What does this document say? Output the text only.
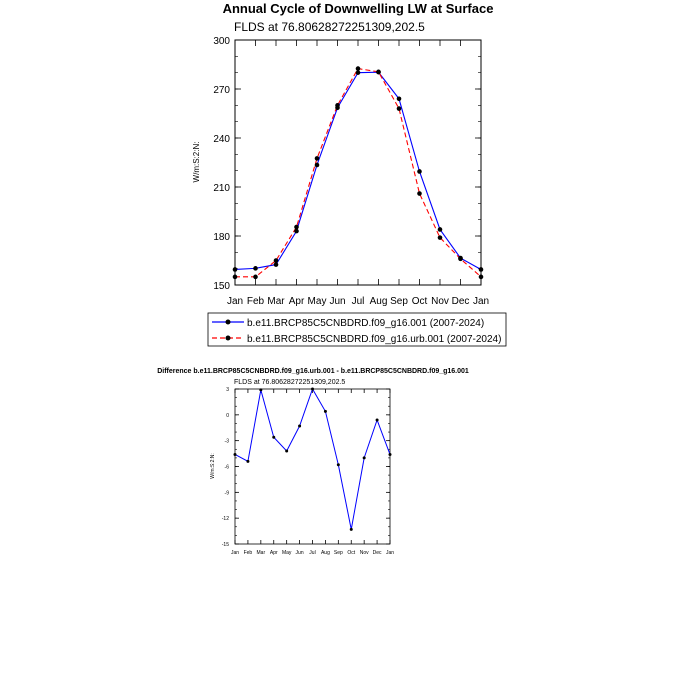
Annual Cycle of Downwelling LW at Surface
FLDS at 76.80628272251309,202.5
W/m:S:2:N:
Jan Feb Mar Apr May Jun Jul Aug Sep Oct Nov Dec Jan
150
180
210
240
270
300
b.e11.BRCP85C5CNBDRD.f09_g16.001 (2007-2024)
b.e11.BRCP85C5CNBDRD.f09_g16.urb.001 (2007-2024)
Difference b.e11.BRCP85C5CNBDRD.f09_g16.urb.001 - b.e11.BRCP85C5CNBDRD.f09_g16.001
FLDS at 76.80628272251309,202.5
W/m:S:2:N:
Jan Feb Mar Apr May Jun Jul Aug Sep Oct Nov Dec Jan
-15
-12
-9
-6
-3
0
3
